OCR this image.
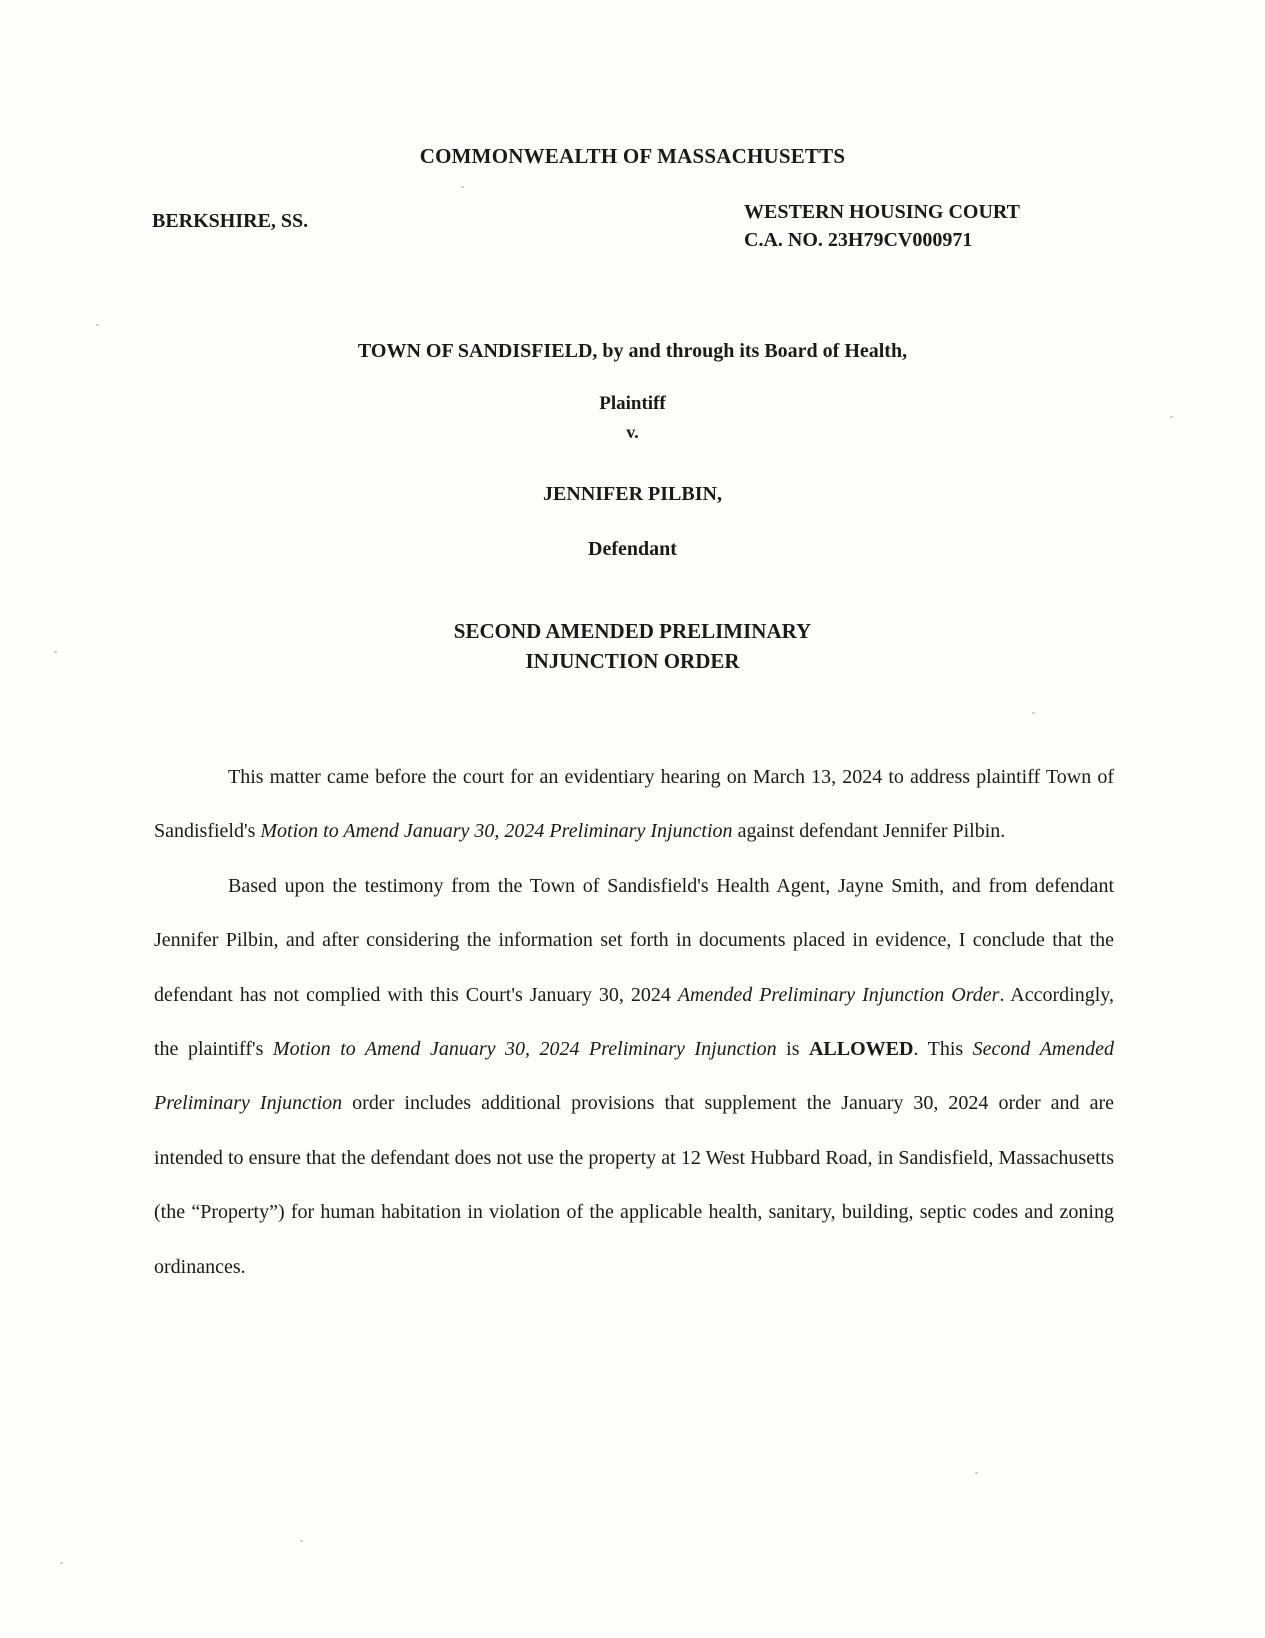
COMMONWEALTH OF MASSACHUSETTS
BERKSHIRE, SS.	WESTERN HOUSING COURT
C.A. NO. 23H79CV000971
TOWN OF SANDISFIELD, by and through its Board of Health,
Plaintiff
v.
JENNIFER PILBIN,
Defendant
SECOND AMENDED PRELIMINARY
INJUNCTION ORDER

This matter came before the court for an evidentiary hearing on March 13, 2024 to address plaintiff Town of Sandisfield's Motion to Amend January 30, 2024 Preliminary Injunction against defendant Jennifer Pilbin.

Based upon the testimony from the Town of Sandisfield's Health Agent, Jayne Smith, and from defendant Jennifer Pilbin, and after considering the information set forth in documents placed in evidence, I conclude that the defendant has not complied with this Court's January 30, 2024 Amended Preliminary Injunction Order. Accordingly, the plaintiff's Motion to Amend January 30, 2024 Preliminary Injunction is ALLOWED. This Second Amended Preliminary Injunction order includes additional provisions that supplement the January 30, 2024 order and are intended to ensure that the defendant does not use the property at 12 West Hubbard Road, in Sandisfield, Massachusetts (the “Property”) for human habitation in violation of the applicable health, sanitary, building, septic codes and zoning ordinances.
